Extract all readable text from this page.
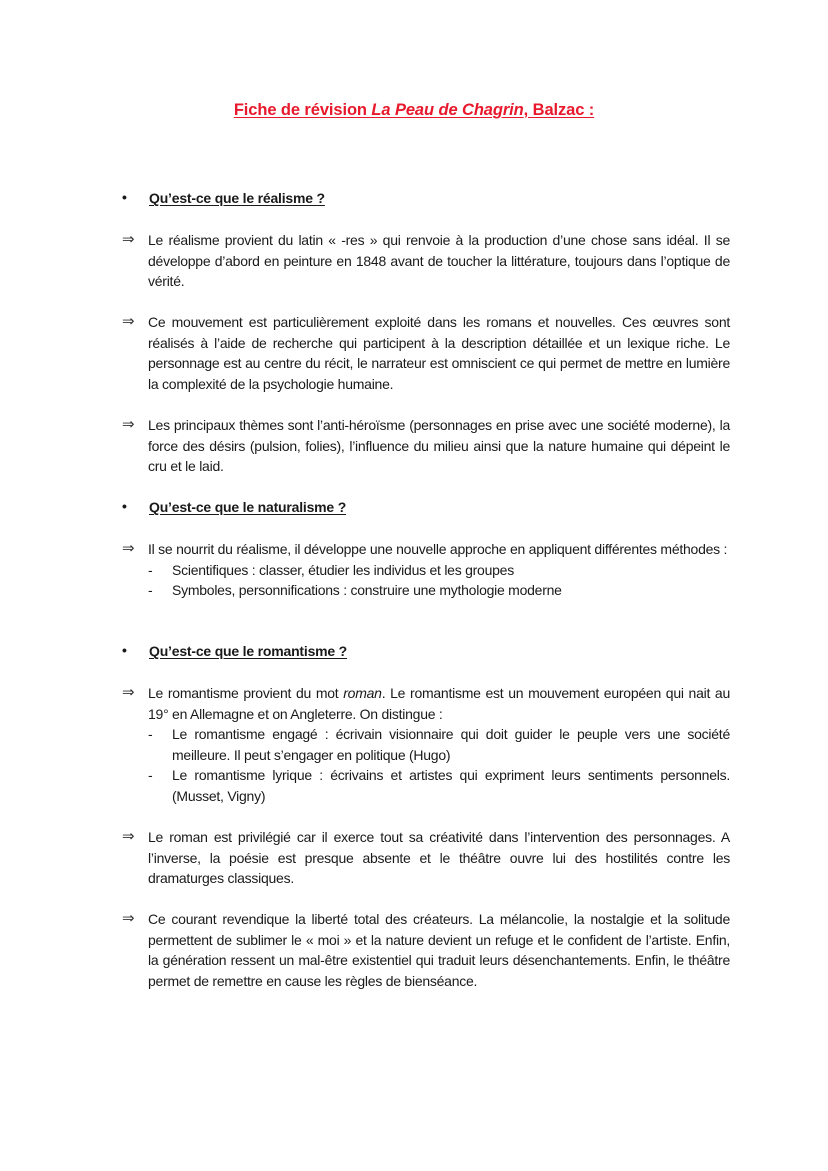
Fiche de révision La Peau de Chagrin, Balzac :
• Qu’est-ce que le réalisme ?
⇒ Le réalisme provient du latin « -res » qui renvoie à la production d’une chose sans idéal. Il se développe d’abord en peinture en 1848 avant de toucher la littérature, toujours dans l’optique de vérité.
⇒ Ce mouvement est particulièrement exploité dans les romans et nouvelles. Ces œuvres sont réalisés à l’aide de recherche qui participent à la description détaillée et un lexique riche. Le personnage est au centre du récit, le narrateur est omniscient ce qui permet de mettre en lumière la complexité de la psychologie humaine.
⇒ Les principaux thèmes sont l’anti-héroïsme (personnages en prise avec une société moderne), la force des désirs (pulsion, folies), l’influence du milieu ainsi que la nature humaine qui dépeint le cru et le laid.
• Qu’est-ce que le naturalisme ?
⇒ Il se nourrit du réalisme, il développe une nouvelle approche en appliquent différentes méthodes :
-	Scientifiques : classer, étudier les individus et les groupes
-	Symboles, personnifications : construire une mythologie moderne
• Qu’est-ce que le romantisme ?
⇒ Le romantisme provient du mot roman. Le romantisme est un mouvement européen qui nait au 19° en Allemagne et on Angleterre. On distingue :
-	Le romantisme engagé : écrivain visionnaire qui doit guider le peuple vers une société meilleure. Il peut s’engager en politique (Hugo)
-	Le romantisme lyrique : écrivains et artistes qui expriment leurs sentiments personnels. (Musset, Vigny)
⇒ Le roman est privilégié car il exerce tout sa créativité dans l’intervention des personnages. A l’inverse, la poésie est presque absente et le théâtre ouvre lui des hostilités contre les dramaturges classiques.
⇒ Ce courant revendique la liberté total des créateurs. La mélancolie, la nostalgie et la solitude permettent de sublimer le « moi » et la nature devient un refuge et le confident de l’artiste. Enfin, la génération ressent un mal-être existentiel qui traduit leurs désenchantements. Enfin, le théâtre permet de remettre en cause les règles de bienséance.
